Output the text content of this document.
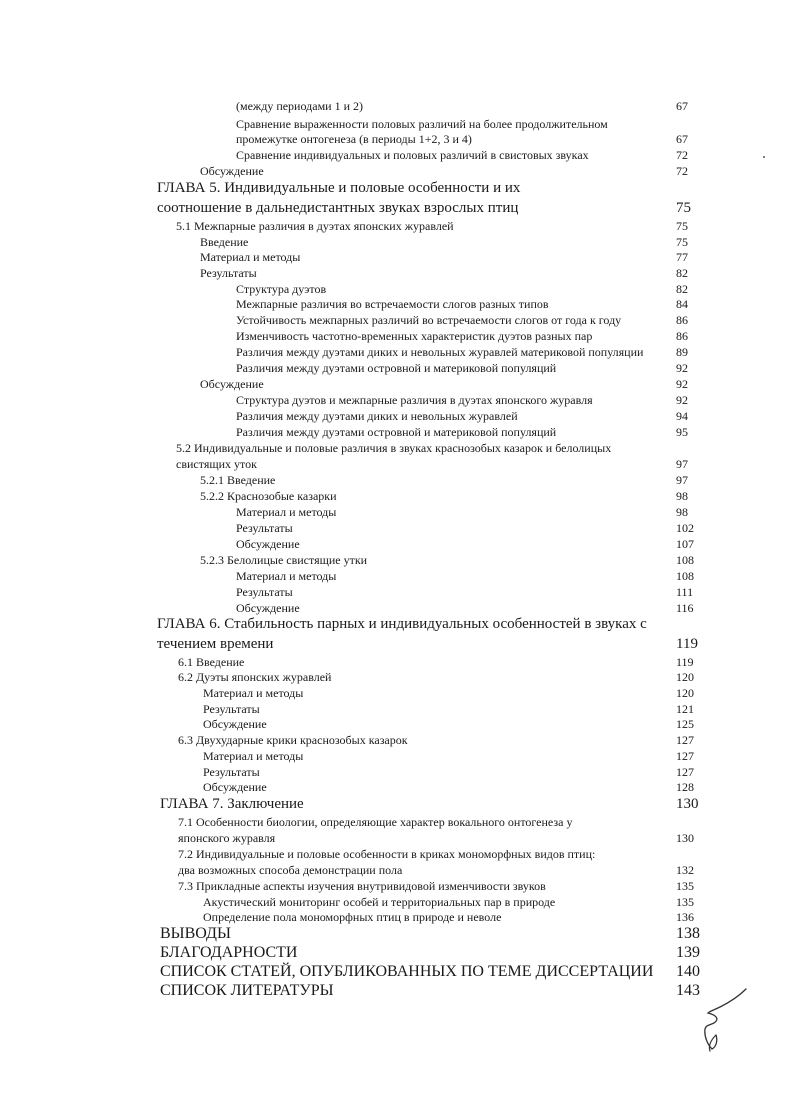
(между периодами 1 и 2)	67
Сравнение выраженности половых различий на более продолжительном
промежутке онтогенеза (в периоды 1+2, 3 и 4)	67
Сравнение индивидуальных и половых различий в свистовых звуках	72
Обсуждение	72
ГЛАВА 5. Индивидуальные и половые особенности и их
соотношение в дальнедистантных звуках взрослых птиц	75
5.1 Межпарные различия в дуэтах японских журавлей	75
Введение	75
Материал и методы	77
Результаты	82
Структура дуэтов	82
Межпарные различия во встречаемости слогов разных типов	84
Устойчивость межпарных различий во встречаемости слогов от года к году	86
Изменчивость частотно-временных характеристик дуэтов разных пар	86
Различия между дуэтами диких и невольных журавлей материковой популяции	89
Различия между дуэтами островной и материковой популяций	92
Обсуждение	92
Структура дуэтов и межпарные различия в дуэтах японского журавля	92
Различия между дуэтами диких и невольных журавлей	94
Различия между дуэтами островной и материковой популяций	95
5.2 Индивидуальные и половые различия в звуках краснозобых казарок и белолицых
свистящих уток	97
5.2.1 Введение	97
5.2.2 Краснозобые казарки	98
Материал и методы	98
Результаты	102
Обсуждение	107
5.2.3 Белолицые свистящие утки	108
Материал и методы	108
Результаты	111
Обсуждение	116
ГЛАВА 6. Стабильность парных и индивидуальных особенностей в звуках с
течением времени	119
6.1 Введение	119
6.2 Дуэты японских журавлей	120
Материал и методы	120
Результаты	121
Обсуждение	125
6.3 Двухударные крики краснозобых казарок	127
Материал и методы	127
Результаты	127
Обсуждение	128
ГЛАВА 7. Заключение	130
7.1 Особенности биологии, определяющие характер вокального онтогенеза у
японского журавля	130
7.2 Индивидуальные и половые особенности в криках мономорфных видов птиц:
два возможных способа демонстрации пола	132
7.3 Прикладные аспекты изучения внутривидовой изменчивости звуков	135
Акустический мониторинг особей и территориальных пар в природе	135
Определение пола мономорфных птиц в природе и неволе	136
ВЫВОДЫ	138
БЛАГОДАРНОСТИ	139
СПИСОК СТАТЕЙ, ОПУБЛИКОВАННЫХ ПО ТЕМЕ ДИССЕРТАЦИИ 140
СПИСОК ЛИТЕРАТУРЫ	143
